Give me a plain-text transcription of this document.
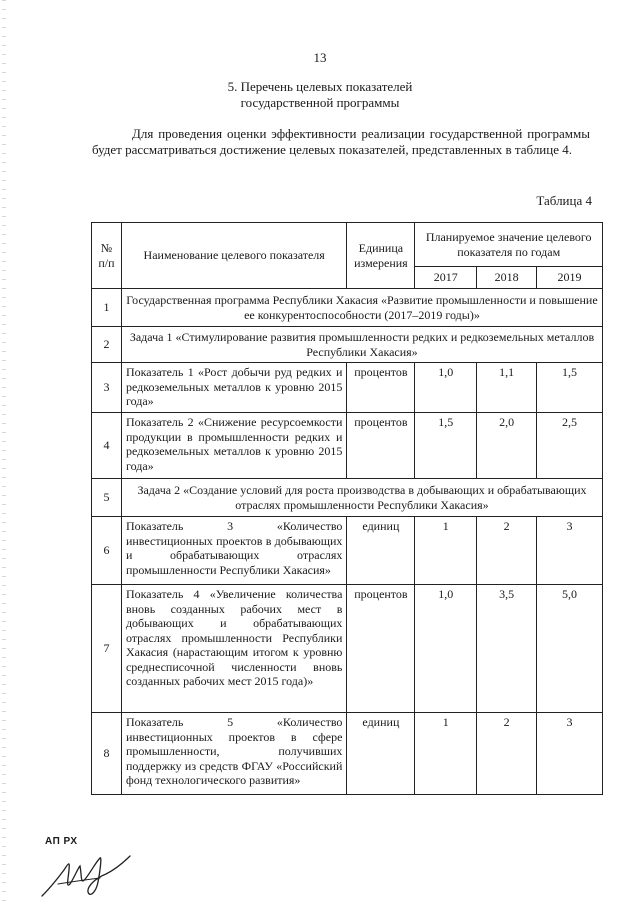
13
5. Перечень целевых показателей
государственной программы
Для проведения оценки эффективности реализации государственной программы будет рассматриваться достижение целевых показателей, представленных в таблице 4.
Таблица 4
№ п/п	Наименование целевого показателя	Единица измерения	Планируемое значение целевого показателя по годам		
			2017	2018	2019
1	Государственная программа Республики Хакасия «Развитие промышленности и повышение ее конкурентоспособности (2017–2019 годы)»				
2	Задача 1 «Стимулирование развития промышленности редких и редкоземельных металлов Республики Хакасия»				
3	Показатель 1 «Рост добычи руд редких и редкоземельных металлов к уровню 2015 года»	процентов	1,0	1,1	1,5
4	Показатель 2 «Снижение ресурсоемкости продукции в промышленности редких и редкоземельных металлов к уровню 2015 года»	процентов	1,5	2,0	2,5
5	Задача 2 «Создание условий для роста производства в добывающих и обрабатывающих отраслях промышленности Республики Хакасия»				
6	Показатель 3 «Количество инвестиционных проектов в добывающих и обрабатывающих отраслях промышленности Республики Хакасия»	единиц	1	2	3
7	Показатель 4 «Увеличение количества вновь созданных рабочих мест в добывающих и обрабатывающих отраслях промышленности Республики Хакасия (нарастающим итогом к уровню среднесписочной численности вновь созданных рабочих мест 2015 года)»	процентов	1,0	3,5	5,0
8	Показатель 5 «Количество инвестиционных проектов в сфере промышленности, получивших поддержку из средств ФГАУ «Российский фонд технологического развития»	единиц	1	2	3
АП РХ
